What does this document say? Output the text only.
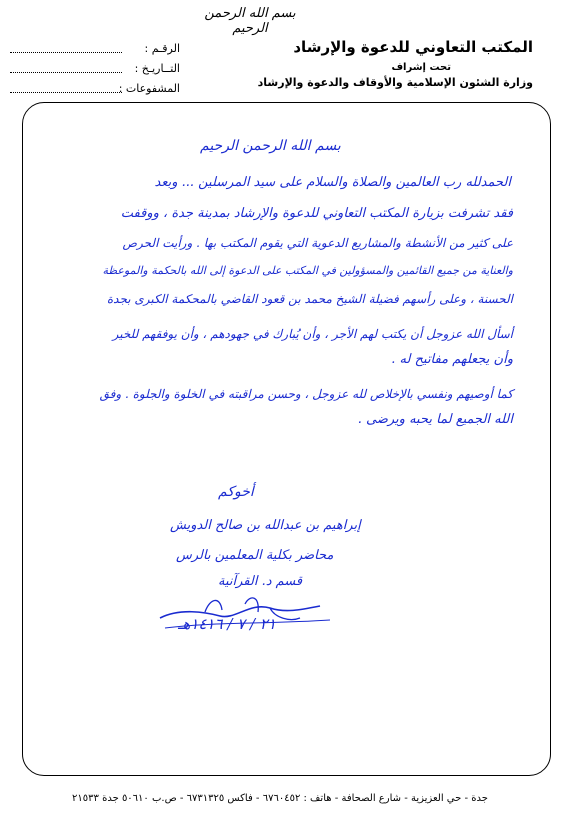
بسم الله الرحمن الرحيم
المكتب التعاوني للدعوة والإرشاد
تحت إشراف
وزارة الشئون الإسلامية والأوقاف والدعوة والإرشاد
الرقـم :
التــاريـخ :
المشفوعات :
بسم الله الرحمن الرحيم
الحمدلله رب العالمين والصلاة والسلام على سيد المرسلين ... وبعد
فقد تشرفت بزيارة المكتب التعاوني للدعوة والإرشاد بمدينة جدة ، ووقفت
على كثير من الأنشطة والمشاريع الدعوية التي يقوم المكتب بها . ورأيت الحرص
والعناية من جميع القائمين والمسؤولين في المكتب على الدعوة إلى الله بالحكمة والموعظة
الحسنة ، وعلى رأسهم فضيلة الشيخ محمد بن قعود القاضي بالمحكمة الكبرى بجدة
أسأل الله عزوجل أن يكتب لهم الأجر ، وأن يُبارك في جهودهم ، وأن يوفقهم للخير
وأن يجعلهم مفاتيح له .
كما أوصيهم ونفسي بالإخلاص لله عزوجل ، وحسن مراقبته في الخلوة والجلوة . وفق
الله الجميع لما يحبه ويرضى .
أخوكم
إبراهيم بن عبدالله بن صالح الدويش
محاضر بكلية المعلمين بالرس
قسم د. القرآنية
٢١ / ٧ / ١٤١٦هـ
جدة - حي العزيزية - شارع الصحافة - هاتف : ٦٧٦٠٤٥٢ - فاكس ٦٧٣١٣٢٥ - ص.ب ٥٠٦١٠ جدة ٢١٥٣٣
